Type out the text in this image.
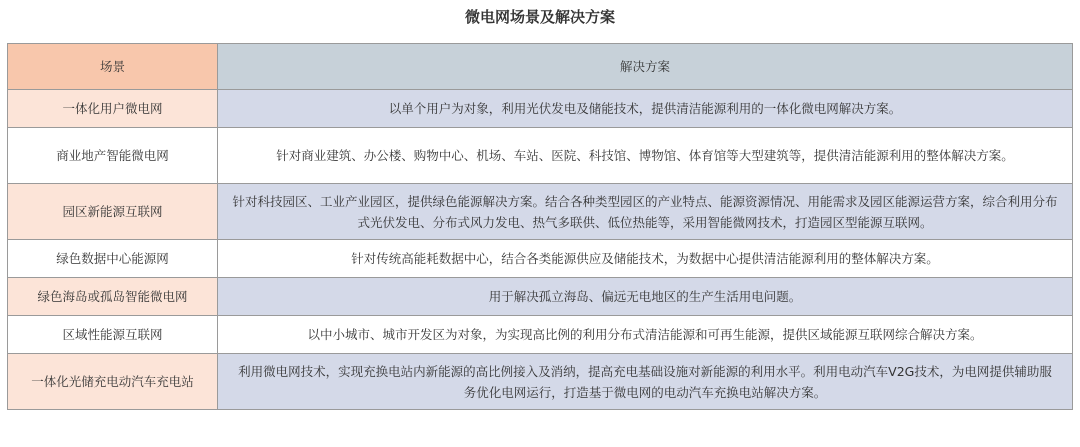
微电网场景及解决方案
场景	解决方案
一体化用户微电网	以单个用户为对象，利用光伏发电及储能技术，提供清洁能源利用的一体化微电网解决方案。
商业地产智能微电网	针对商业建筑、办公楼、购物中心、机场、车站、医院、科技馆、博物馆、体育馆等大型建筑等，提供清洁能源利用的整体解决方案。
园区新能源互联网	针对科技园区、工业产业园区，提供绿色能源解决方案。结合各种类型园区的产业特点、能源资源情况、用能需求及园区能源运营方案，综合利用分布式光伏发电、分布式风力发电、热气多联供、低位热能等，采用智能微网技术，打造园区型能源互联网。
绿色数据中心能源网	针对传统高能耗数据中心，结合各类能源供应及储能技术，为数据中心提供清洁能源利用的整体解决方案。
绿色海岛或孤岛智能微电网	用于解决孤立海岛、偏远无电地区的生产生活用电问题。
区域性能源互联网	以中小城市、城市开发区为对象，为实现高比例的利用分布式清洁能源和可再生能源，提供区域能源互联网综合解决方案。
一体化光储充电动汽车充电站	利用微电网技术，实现充换电站内新能源的高比例接入及消纳，提高充电基础设施对新能源的利用水平。利用电动汽车V2G技术，为电网提供辅助服务优化电网运行，打造基于微电网的电动汽车充换电站解决方案。
